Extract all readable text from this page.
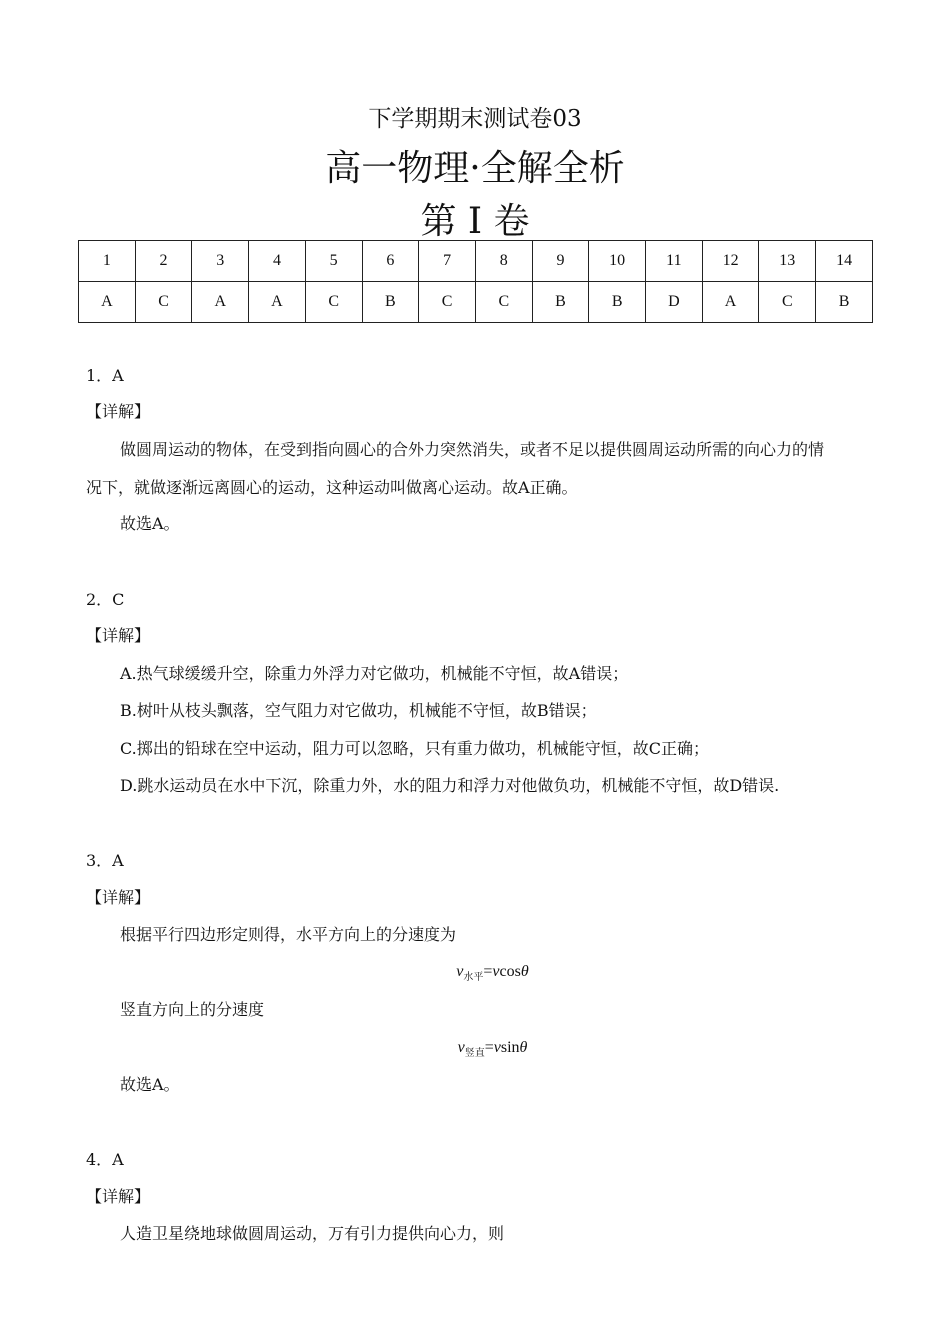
下学期期末测试卷03
高一物理·全解全析
第 I 卷
1	2	3	4	5	6	7	8	9	10	11	12	13	14
A	C	A	A	C	B	C	C	B	B	D	A	C	B
1．A
【详解】
做圆周运动的物体，在受到指向圆心的合外力突然消失，或者不足以提供圆周运动所需的向心力的情
况下，就做逐渐远离圆心的运动，这种运动叫做离心运动。故A正确。
故选A。
2．C
【详解】
A.热气球缓缓升空，除重力外浮力对它做功，机械能不守恒，故A错误；
B.树叶从枝头飘落，空气阻力对它做功，机械能不守恒，故B错误；
C.掷出的铅球在空中运动，阻力可以忽略，只有重力做功，机械能守恒，故C正确；
D.跳水运动员在水中下沉，除重力外，水的阻力和浮力对他做负功，机械能不守恒，故D错误.
3．A
【详解】
根据平行四边形定则得，水平方向上的分速度为
$v_{水平}=vcos\theta$
竖直方向上的分速度
$v_{竖直}=vsin\theta$
故选A。
4．A
【详解】
人造卫星绕地球做圆周运动，万有引力提供向心力，则
